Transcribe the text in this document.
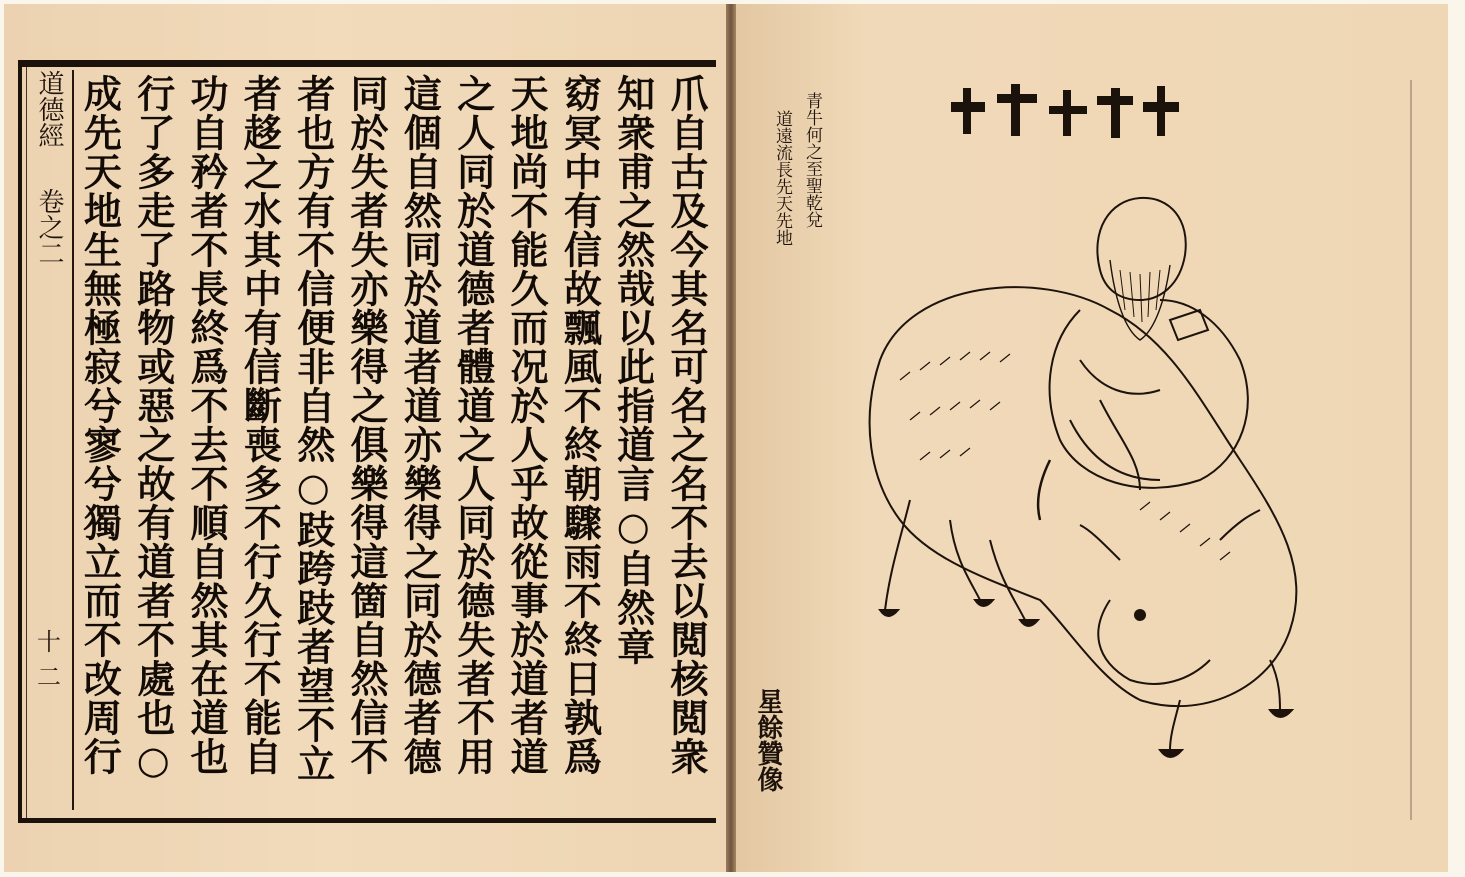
道德經卷之二
十二
爪自古及今其名可名之名不去以閲核閲衆
知衆甫之然哉以此指道言○自然章
窈冥中有信故飄風不終朝驟雨不終日孰爲
天地尚不能久而况於人乎故從事於道者道
之人同於道德者體道之人同於德失者不用
這個自然同於道者道亦樂得之同於德者德
同於失者失亦樂得之俱樂得這箇自然信不
者也方有不信便非自然○跂跨跂者望不立
者趍之水其中有信斷喪多不行久行不能自
功自矜者不長終爲不去不順自然其在道也
行了多走了路物或惡之故有道者不處也○
成先天地生無極寂兮寥兮獨立而不改周行
青牛何之至聖乾兌
道遠流長先天先地
星餘贊像
